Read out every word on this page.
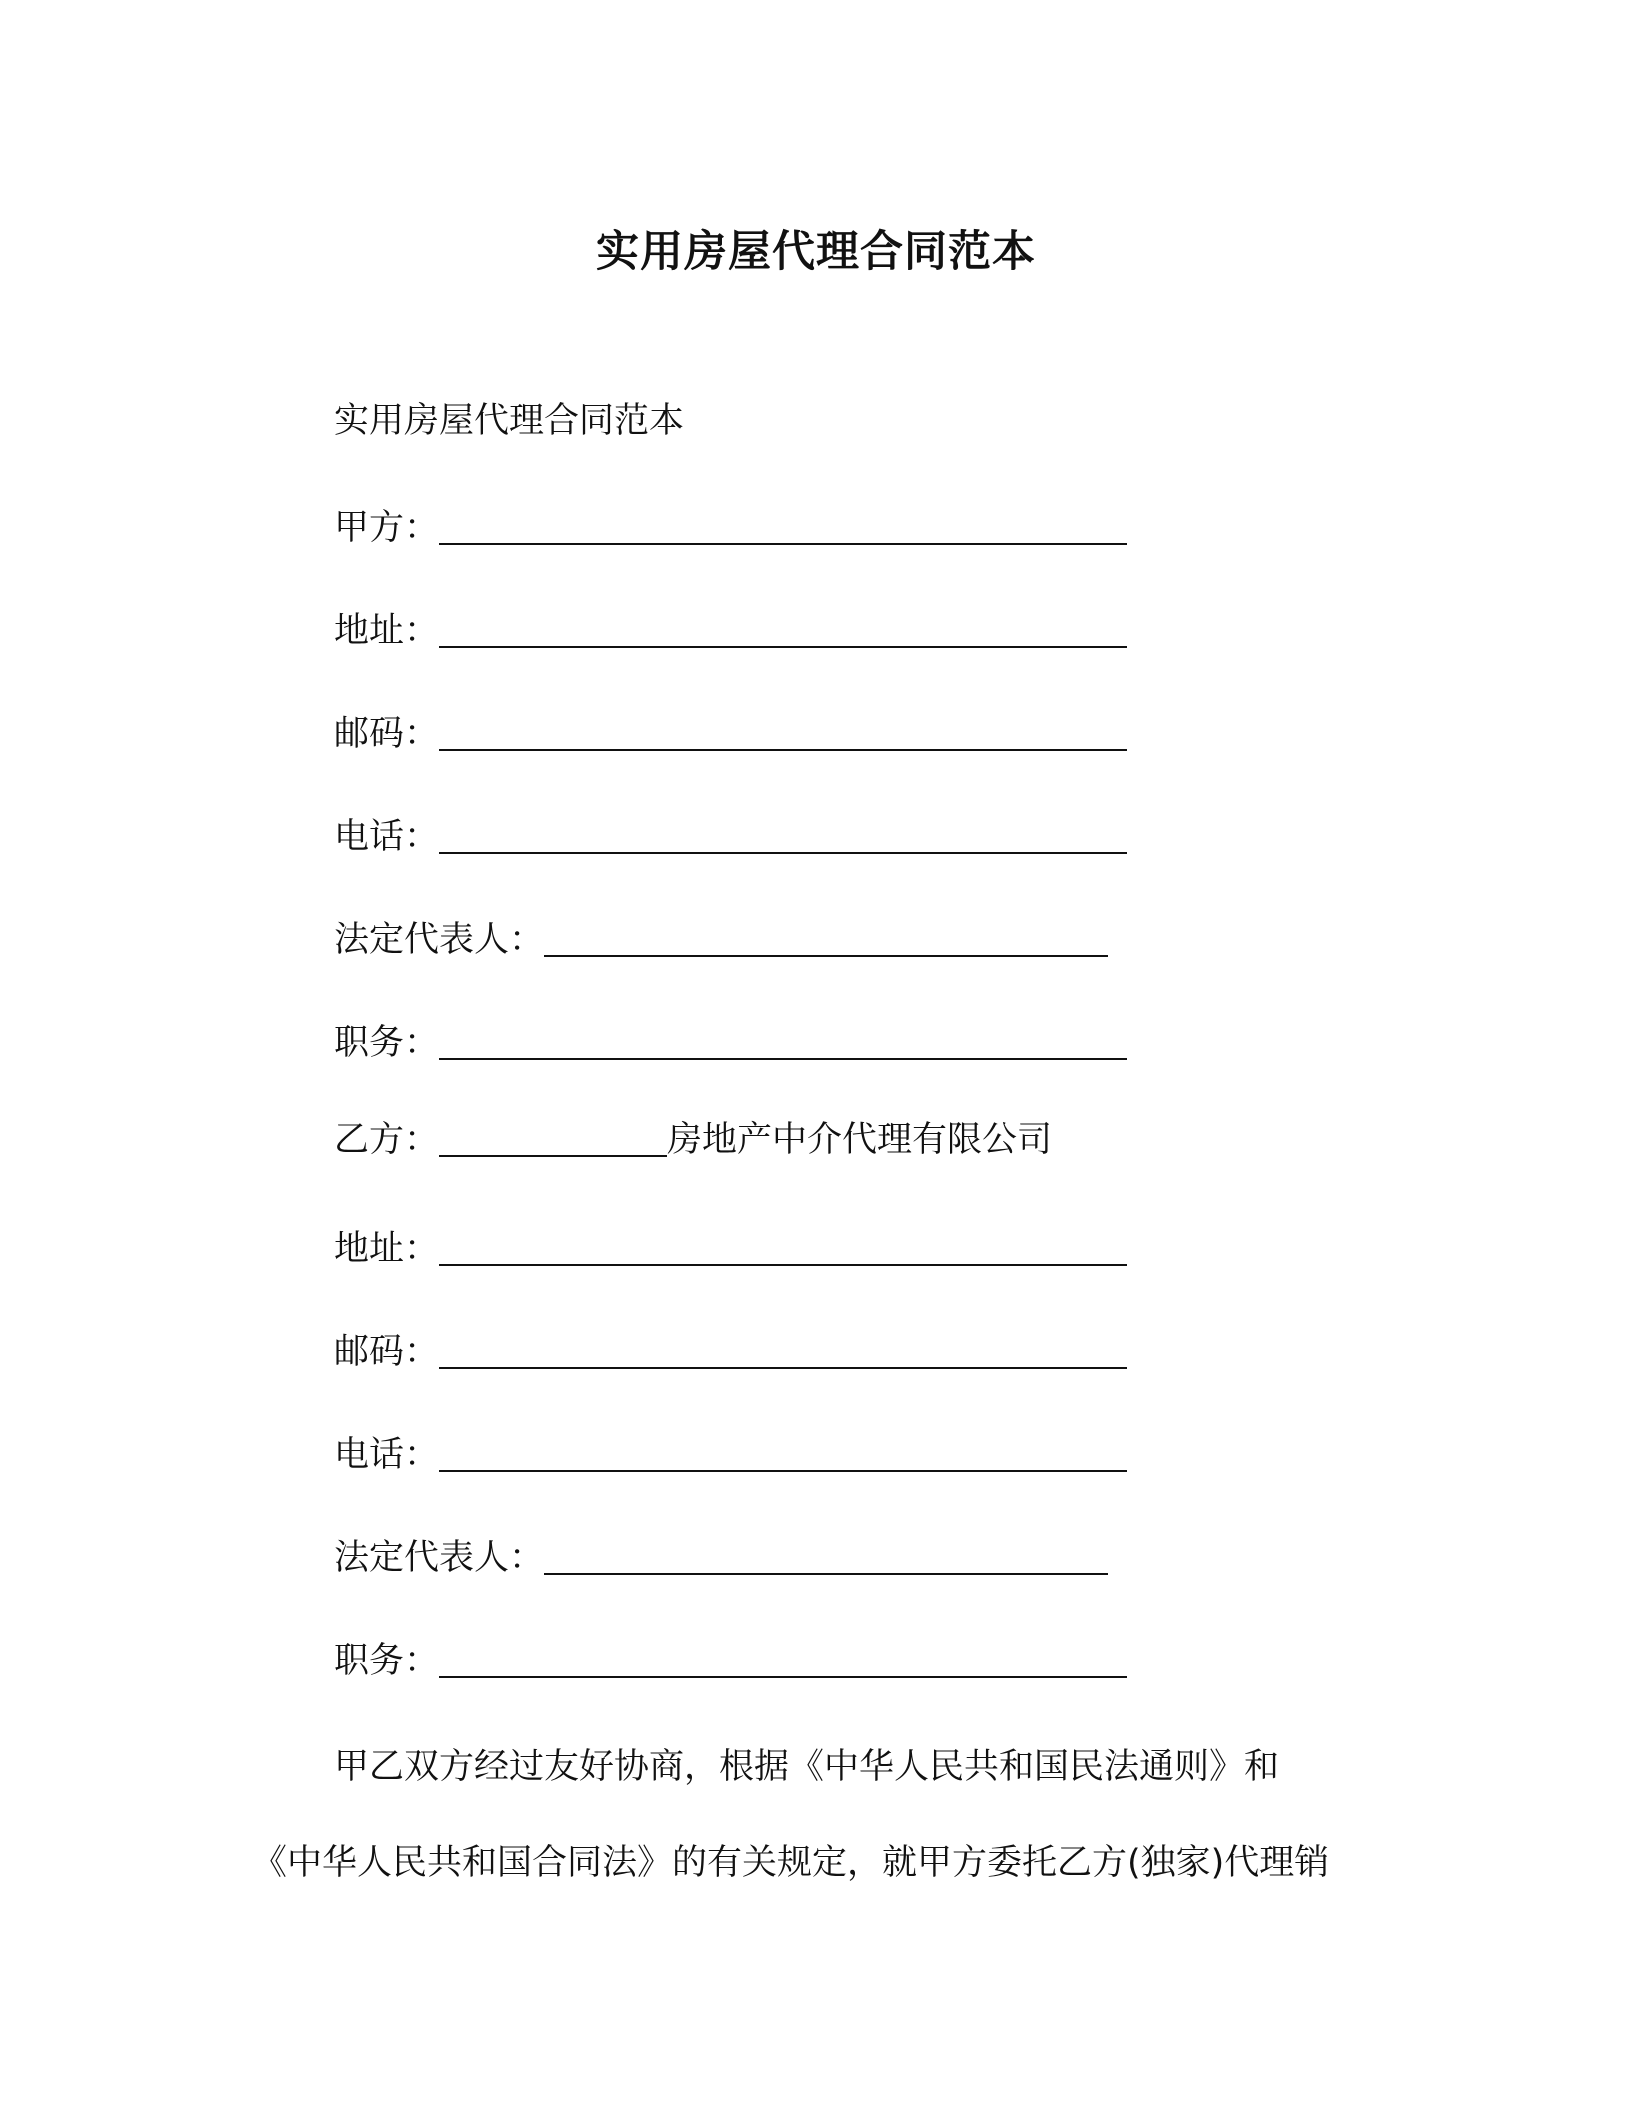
实用房屋代理合同范本
实用房屋代理合同范本
甲方：
地址：
邮码：
电话：
法定代表人：
职务：
乙方：	房地产中介代理有限公司
地址：
邮码：
电话：
法定代表人：
职务：
甲乙双方经过友好协商，根据《中华人民共和国民法通则》和
《中华人民共和国合同法》的有关规定，就甲方委托乙方(独家)代理销
